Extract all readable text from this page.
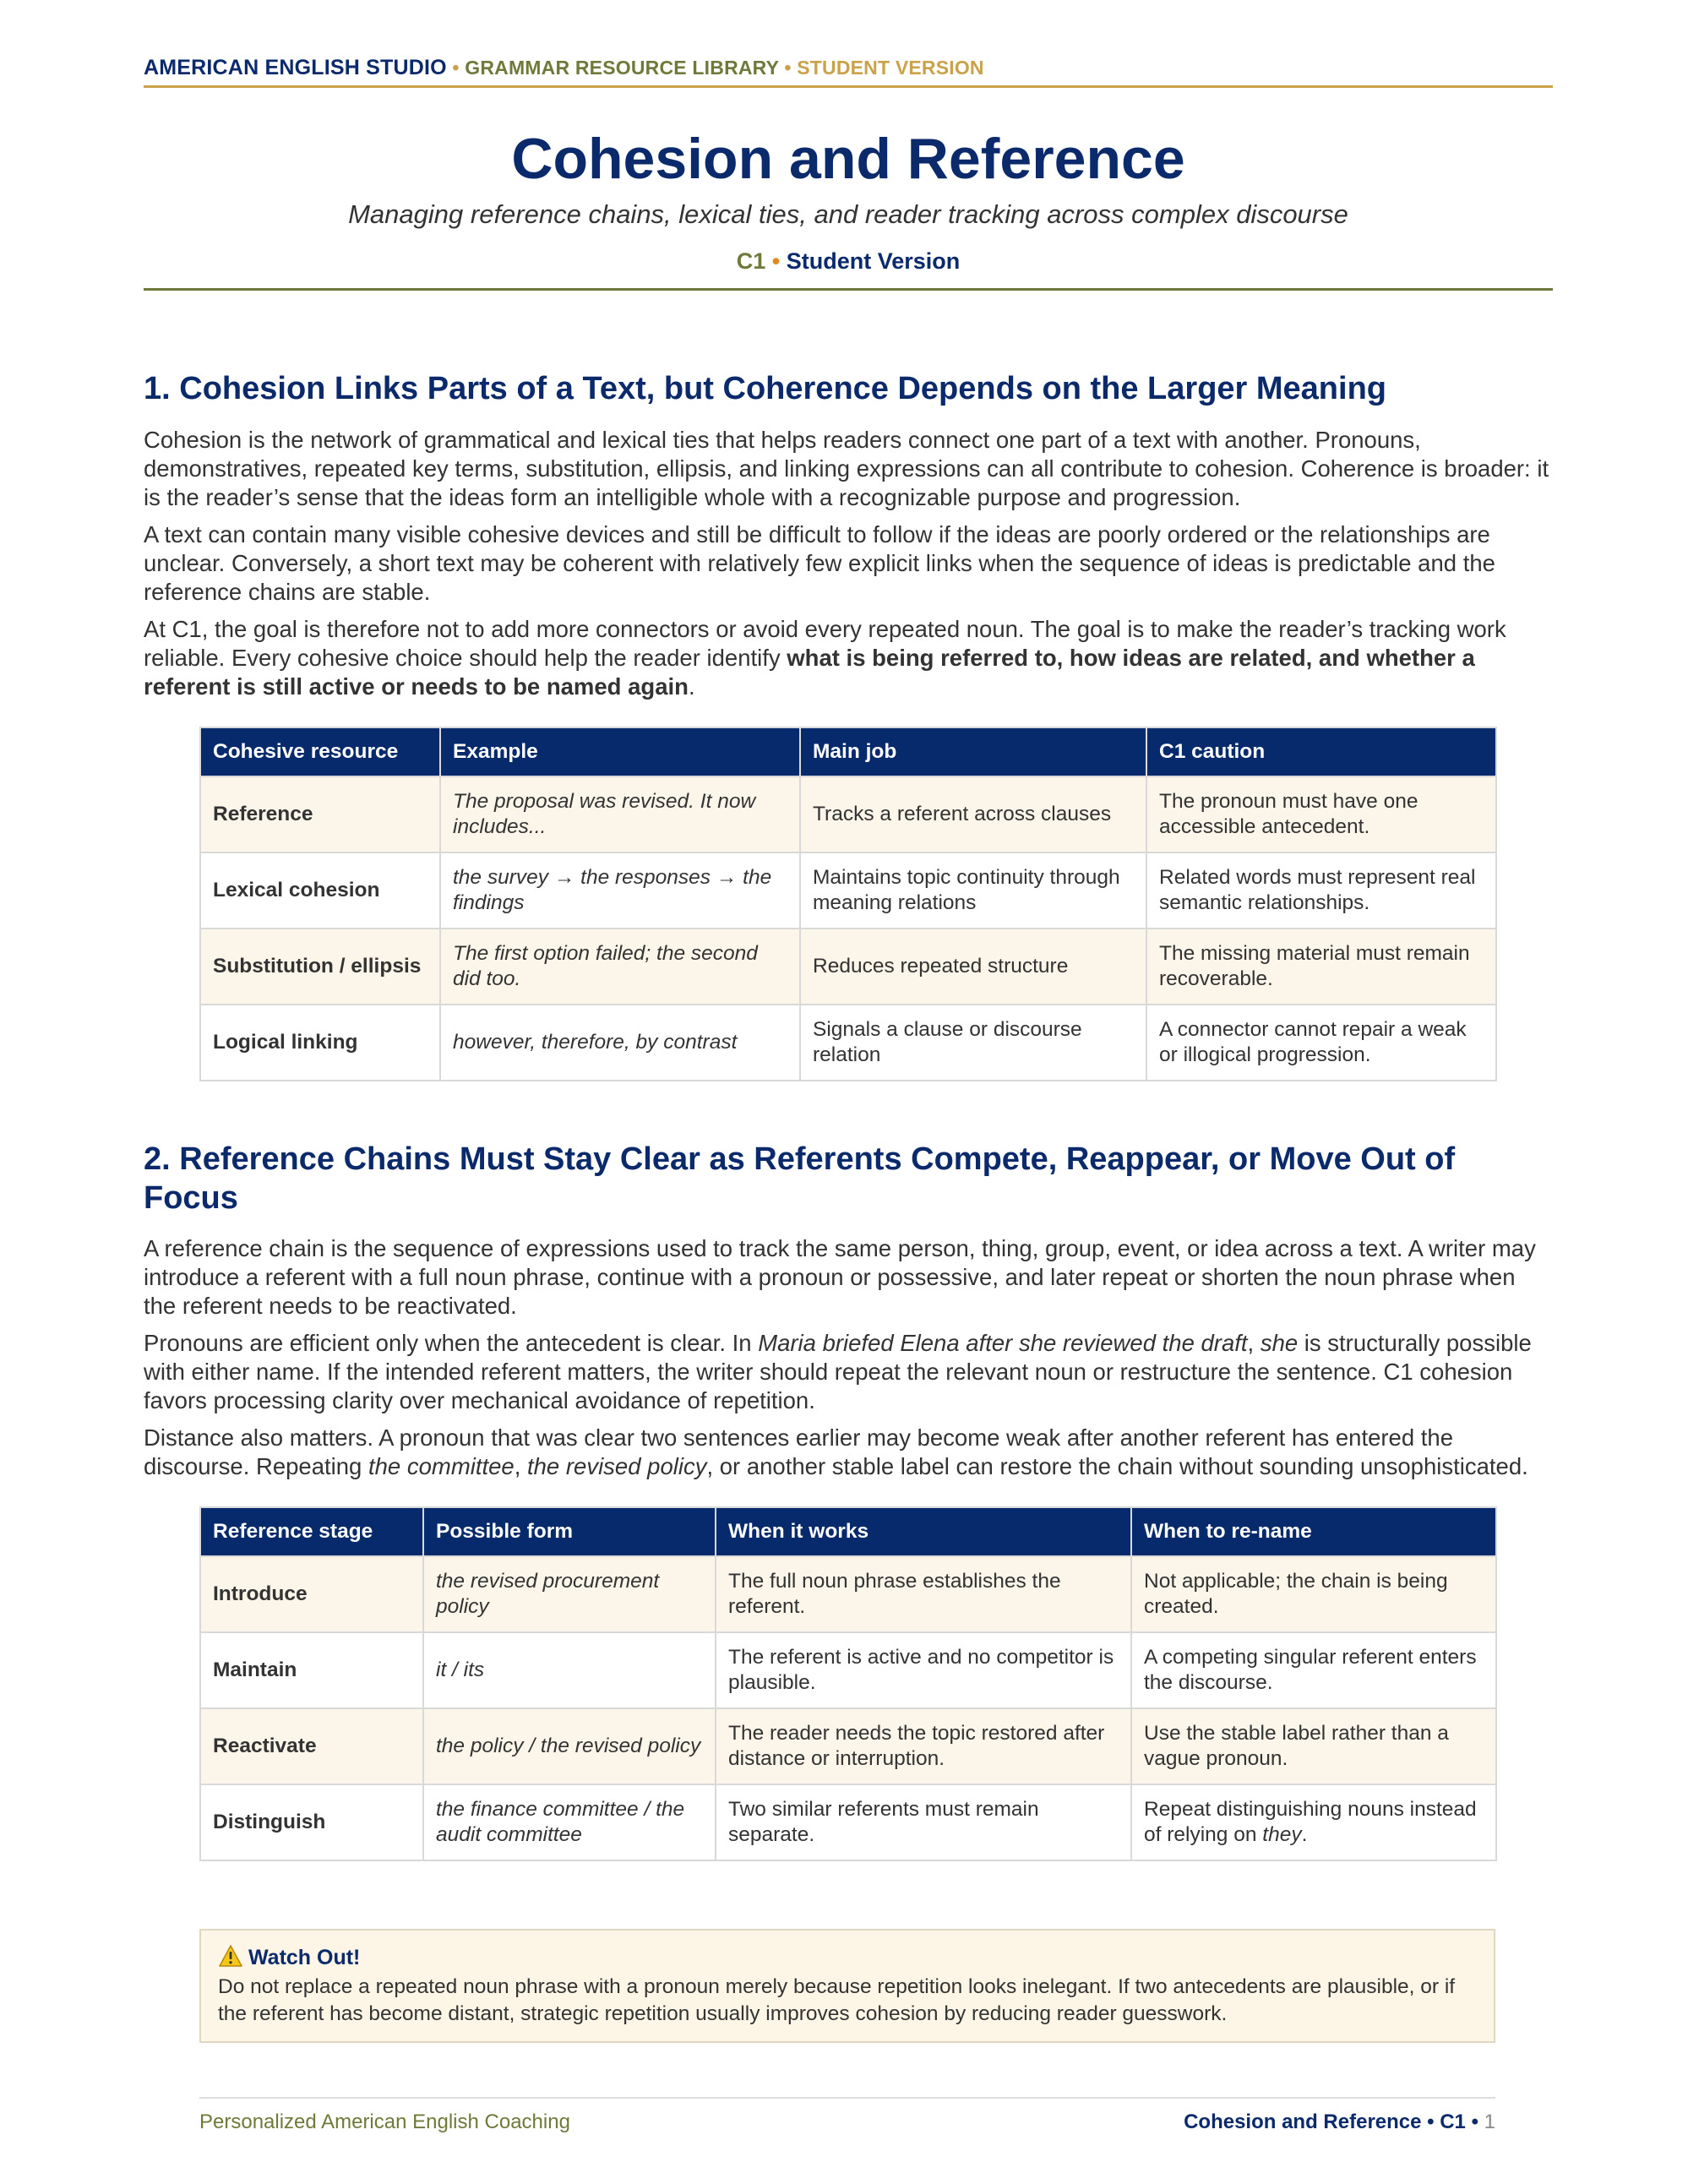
AMERICAN ENGLISH STUDIO • GRAMMAR RESOURCE LIBRARY • STUDENT VERSION
Cohesion and Reference
Managing reference chains, lexical ties, and reader tracking across complex discourse
C1 • Student Version
1. Cohesion Links Parts of a Text, but Coherence Depends on the Larger Meaning

Cohesion is the network of grammatical and lexical ties that helps readers connect one part of a text with another. Pronouns, demonstratives, repeated key terms, substitution, ellipsis, and linking expressions can all contribute to cohesion. Coherence is broader: it is the reader’s sense that the ideas form an intelligible whole with a recognizable purpose and progression.

A text can contain many visible cohesive devices and still be difficult to follow if the ideas are poorly ordered or the relationships are unclear. Conversely, a short text may be coherent with relatively few explicit links when the sequence of ideas is predictable and the reference chains are stable.

At C1, the goal is therefore not to add more connectors or avoid every repeated noun. The goal is to make the reader’s tracking work reliable. Every cohesive choice should help the reader identify what is being referred to, how ideas are related, and whether a referent is still active or needs to be named again.

Cohesive resource	Example	Main job	C1 caution
Reference	The proposal was revised. It now includes...	Tracks a referent across clauses	The pronoun must have one accessible antecedent.
Lexical cohesion	the survey → the responses → the findings	Maintains topic continuity through meaning relations	Related words must represent real semantic relationships.
Substitution / ellipsis	The first option failed; the second did too.	Reduces repeated structure	The missing material must remain recoverable.
Logical linking	however, therefore, by contrast	Signals a clause or discourse relation	A connector cannot repair a weak or illogical progression.
2. Reference Chains Must Stay Clear as Referents Compete, Reappear, or Move Out of Focus

A reference chain is the sequence of expressions used to track the same person, thing, group, event, or idea across a text. A writer may introduce a referent with a full noun phrase, continue with a pronoun or possessive, and later repeat or shorten the noun phrase when the referent needs to be reactivated.

Pronouns are efficient only when the antecedent is clear. In Maria briefed Elena after she reviewed the draft, she is structurally possible with either name. If the intended referent matters, the writer should repeat the relevant noun or restructure the sentence. C1 cohesion favors processing clarity over mechanical avoidance of repetition.

Distance also matters. A pronoun that was clear two sentences earlier may become weak after another referent has entered the discourse. Repeating the committee, the revised policy, or another stable label can restore the chain without sounding unsophisticated.

Reference stage	Possible form	When it works	When to re-name
Introduce	the revised procurement policy	The full noun phrase establishes the referent.	Not applicable; the chain is being created.
Maintain	it / its	The referent is active and no competitor is plausible.	A competing singular referent enters the discourse.
Reactivate	the policy / the revised policy	The reader needs the topic restored after distance or interruption.	Use the stable label rather than a vague pronoun.
Distinguish	the finance committee / the audit committee	Two similar referents must remain separate.	Repeat distinguishing nouns instead of relying on they.
Watch Out!
Do not replace a repeated noun phrase with a pronoun merely because repetition looks inelegant. If two antecedents are plausible, or if the referent has become distant, strategic repetition usually improves cohesion by reducing reader guesswork.
Personalized American English Coaching	Cohesion and Reference • C1 • 1
